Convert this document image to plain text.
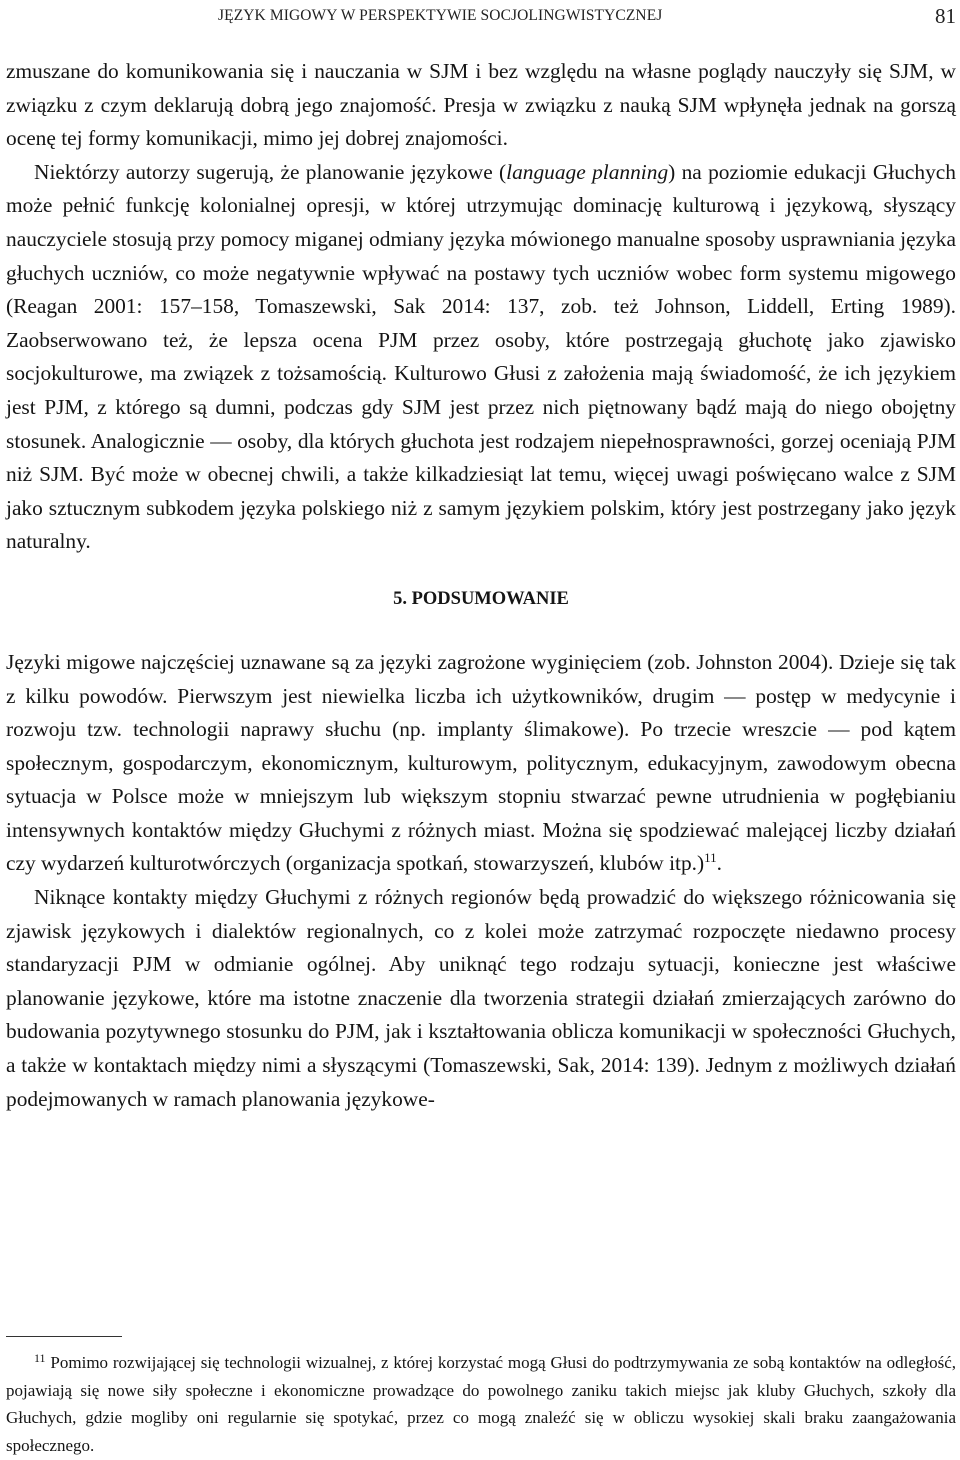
JĘZYK MIGOWY W PERSPEKTYWIE SOCJOLINGWISTYCZNEJ	81

zmuszane do komunikowania się i nauczania w SJM i bez względu na własne poglądy nauczyły się SJM, w związku z czym deklarują dobrą jego znajomość. Presja w związku z nauką SJM wpłynęła jednak na gorszą ocenę tej formy komunikacji, mimo jej dobrej znajomości.

Niektórzy autorzy sugerują, że planowanie językowe (language planning) na poziomie edukacji Głuchych może pełnić funkcję kolonialnej opresji, w której utrzymując dominację kulturową i językową, słyszący nauczyciele stosują przy pomocy miganej odmiany języka mówionego manualne sposoby usprawniania języka głuchych uczniów, co może negatywnie wpływać na postawy tych uczniów wobec form systemu migowego (Reagan 2001: 157–158, Tomaszewski, Sak 2014: 137, zob. też Johnson, Liddell, Erting 1989). Zaobserwowano też, że lepsza ocena PJM przez osoby, które postrzegają głuchotę jako zjawisko socjokulturowe, ma związek z tożsamością. Kulturowo Głusi z założenia mają świadomość, że ich językiem jest PJM, z którego są dumni, podczas gdy SJM jest przez nich piętnowany bądź mają do niego obojętny stosunek. Analogicznie — osoby, dla których głuchota jest rodzajem niepełnosprawności, gorzej oceniają PJM niż SJM. Być może w obecnej chwili, a także kilkadziesiąt lat temu, więcej uwagi poświęcano walce z SJM jako sztucznym subkodem języka polskiego niż z samym językiem polskim, który jest postrzegany jako język naturalny.

5. PODSUMOWANIE

Języki migowe najczęściej uznawane są za języki zagrożone wyginięciem (zob. Johnston 2004). Dzieje się tak z kilku powodów. Pierwszym jest niewielka liczba ich użytkowników, drugim — postęp w medycynie i rozwoju tzw. technologii naprawy słuchu (np. implanty ślimakowe). Po trzecie wreszcie — pod kątem społecznym, gospodarczym, ekonomicznym, kulturowym, politycznym, edukacyjnym, zawodowym obecna sytuacja w Polsce może w mniejszym lub większym stopniu stwarzać pewne utrudnienia w pogłębianiu intensywnych kontaktów między Głuchymi z różnych miast. Można się spodziewać malejącej liczby działań czy wydarzeń kulturotwórczych (organizacja spotkań, stowarzyszeń, klubów itp.)$^{11}$.

Niknące kontakty między Głuchymi z różnych regionów będą prowadzić do większego różnicowania się zjawisk językowych i dialektów regionalnych, co z kolei może zatrzymać rozpoczęte niedawno procesy standaryzacji PJM w odmianie ogólnej. Aby uniknąć tego rodzaju sytuacji, konieczne jest właściwe planowanie językowe, które ma istotne znaczenie dla tworzenia strategii działań zmierzających zarówno do budowania pozytywnego stosunku do PJM, jak i kształtowania oblicza komunikacji w społeczności Głuchych, a także w kontaktach między nimi a słyszącymi (Tomaszewski, Sak, 2014: 139). Jednym z możliwych działań podejmowanych w ramach planowania językowe-

$^{11}$ Pomimo rozwijającej się technologii wizualnej, z której korzystać mogą Głusi do podtrzymywania ze sobą kontaktów na odległość, pojawiają się nowe siły społeczne i ekonomiczne prowadzące do powolnego zaniku takich miejsc jak kluby Głuchych, szkoły dla Głuchych, gdzie mogliby oni regularnie się spotykać, przez co mogą znaleźć się w obliczu wysokiej skali braku zaangażowania społecznego.
